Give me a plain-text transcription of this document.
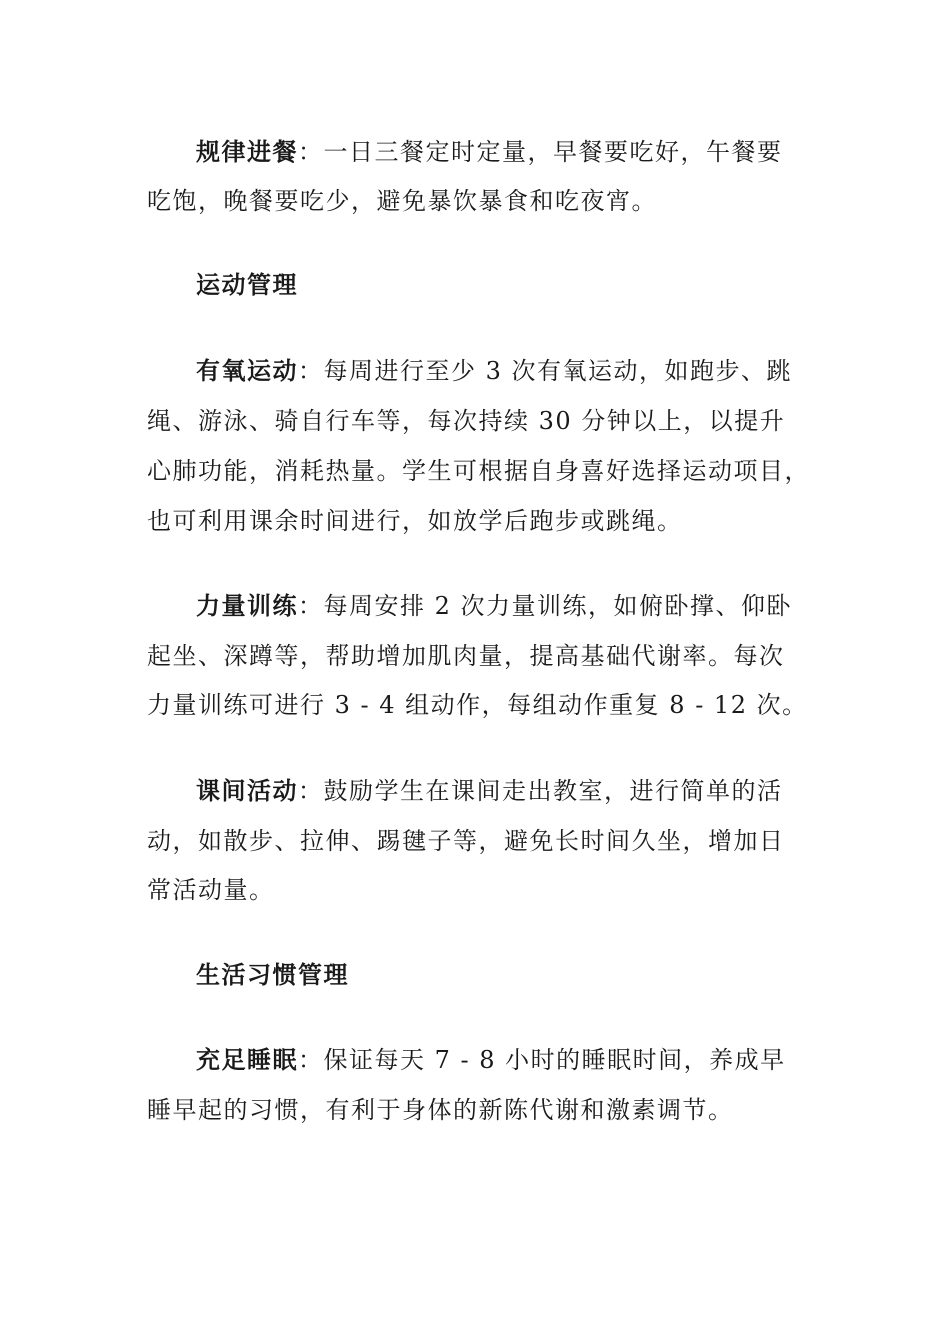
规律进餐：一日三餐定时定量，早餐要吃好，午餐要
吃饱，晚餐要吃少，避免暴饮暴食和吃夜宵。
运动管理
有氧运动：每周进行至少 3 次有氧运动，如跑步、跳
绳、游泳、骑自行车等，每次持续 30 分钟以上，以提升
心肺功能，消耗热量。学生可根据自身喜好选择运动项目，
也可利用课余时间进行，如放学后跑步或跳绳。
力量训练：每周安排 2 次力量训练，如俯卧撑、仰卧
起坐、深蹲等，帮助增加肌肉量，提高基础代谢率。每次
力量训练可进行 3 - 4 组动作，每组动作重复 8 - 12 次。
课间活动：鼓励学生在课间走出教室，进行简单的活
动，如散步、拉伸、踢毽子等，避免长时间久坐，增加日
常活动量。
生活习惯管理
充足睡眠：保证每天 7 - 8 小时的睡眠时间，养成早
睡早起的习惯，有利于身体的新陈代谢和激素调节。
